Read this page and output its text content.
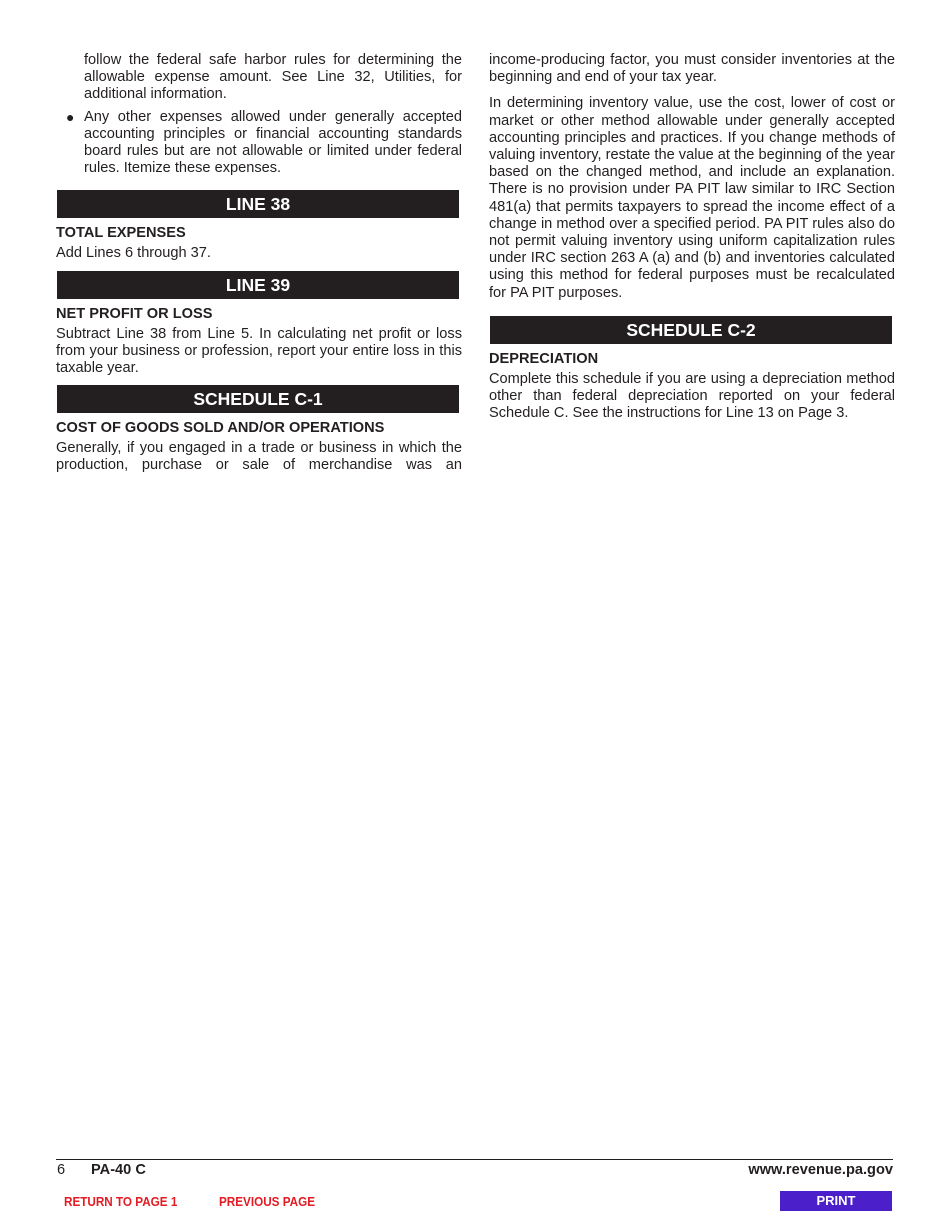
follow the federal safe harbor rules for determining the allowable expense amount. See Line 32, Utilities, for additional information.

● Any other expenses allowed under generally accepted accounting principles or financial accounting standards board rules but are not allowable or limited under federal rules. Itemize these expenses.
LINE 38
TOTAL EXPENSES

Add Lines 6 through 37.

LINE 39
NET PROFIT OR LOSS

Subtract Line 38 from Line 5. In calculating net profit or loss from your business or profession, report your entire loss in this taxable year.

SCHEDULE C-1
COST OF GOODS SOLD AND/OR OPERATIONS

Generally, if you engaged in a trade or business in which the production, purchase or sale of merchandise was an

income-producing factor, you must consider inventories at the beginning and end of your tax year.

In determining inventory value, use the cost, lower of cost or market or other method allowable under generally accepted accounting principles and practices. If you change methods of valuing inventory, restate the value at the beginning of the year based on the changed method, and include an explanation. There is no provision under PA PIT law similar to IRC Section 481(a) that permits taxpayers to spread the income effect of a change in method over a specified period. PA PIT rules also do not permit valuing inventory using uniform capitalization rules under IRC section 263 A (a) and (b) and inventories calculated using this method for federal purposes must be recalculated for PA PIT purposes.

SCHEDULE C-2
DEPRECIATION

Complete this schedule if you are using a depreciation method other than federal depreciation reported on your federal Schedule C. See the instructions for Line 13 on Page 3.

6 PA-40 C	www.revenue.pa.gov
RETURN TO PAGE 1	PREVIOUS PAGE	PRINT
